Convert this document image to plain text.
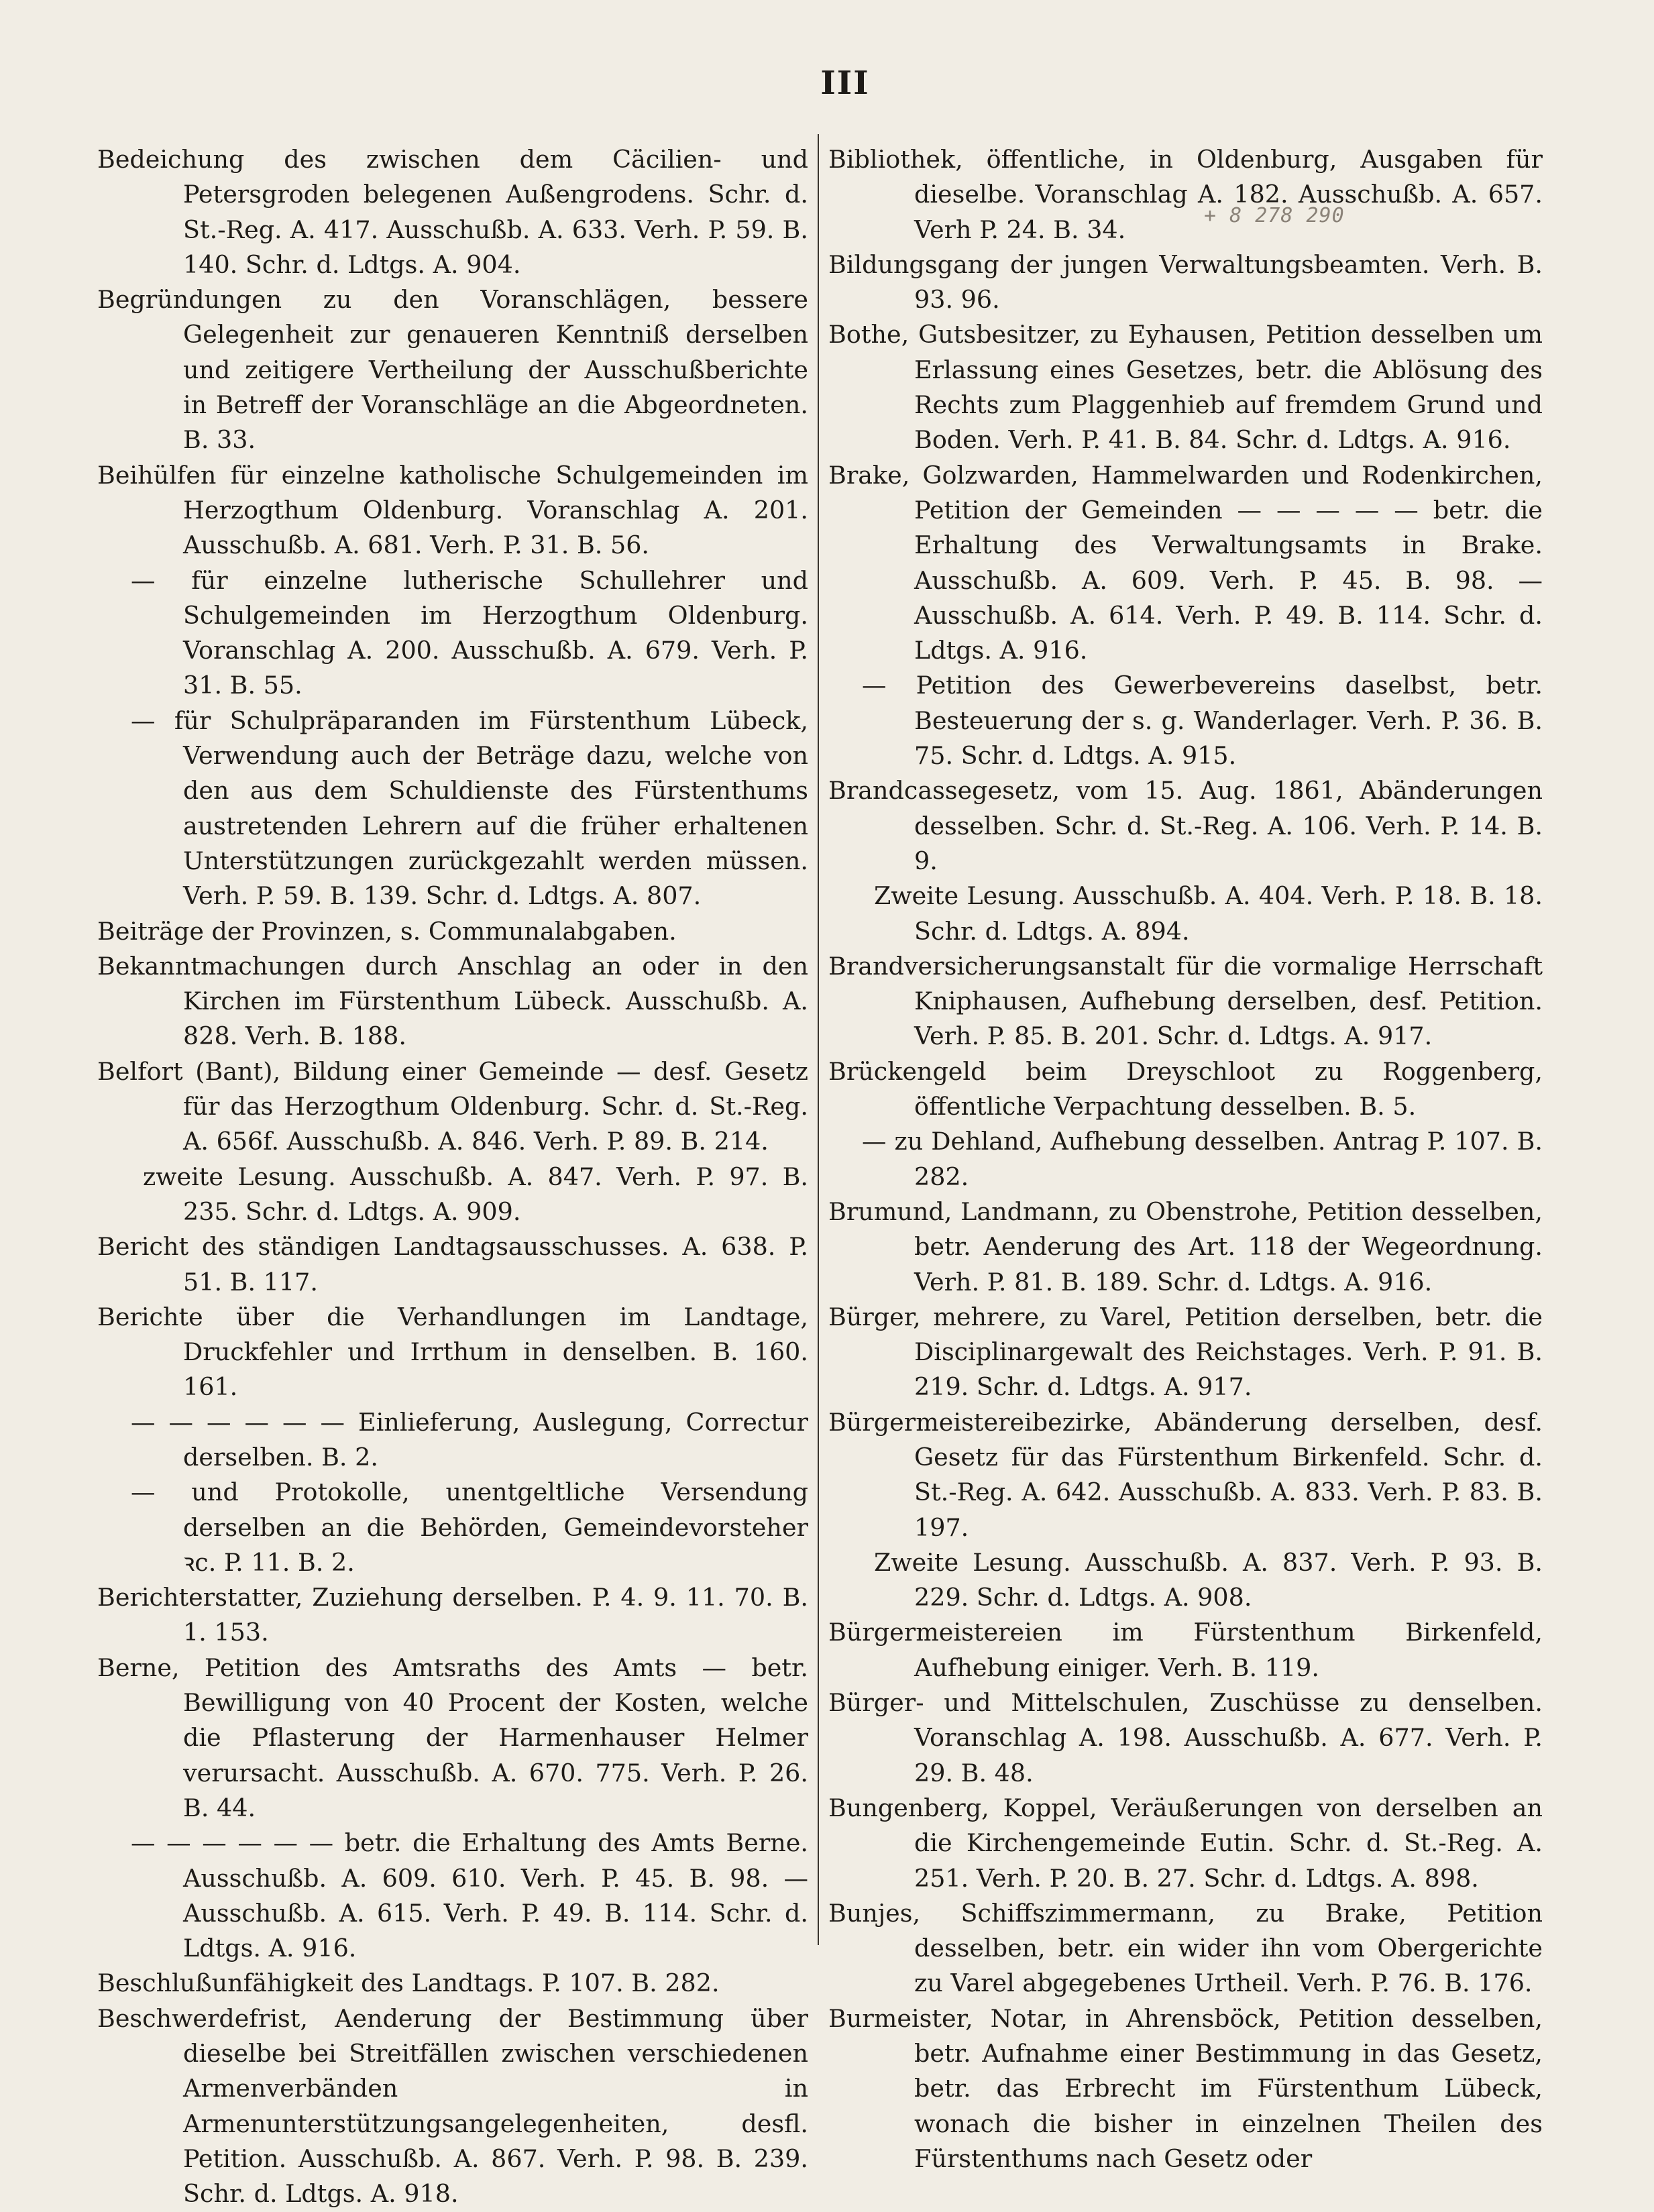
III
+ 8 278 290

Bedeichung des zwischen dem Cäcilien- und Petersgroden belegenen Außengrodens. Schr. d. St.-Reg. A. 417. Ausschußb. A. 633. Verh. P. 59. B. 140. Schr. d. Ldtgs. A. 904.

Begründungen zu den Voranschlägen, bessere Gelegenheit zur genaueren Kenntniß derselben und zeitigere Vertheilung der Ausschußberichte in Betreff der Voranschläge an die Abgeordneten. B. 33.

Beihülfen für einzelne katholische Schulgemeinden im Herzogthum Oldenburg. Voranschlag A. 201. Ausschußb. A. 681. Verh. P. 31. B. 56.

— für einzelne lutherische Schullehrer und Schulgemeinden im Herzogthum Oldenburg. Voranschlag A. 200. Ausschußb. A. 679. Verh. P. 31. B. 55.

— für Schulpräparanden im Fürstenthum Lübeck, Verwendung auch der Beträge dazu, welche von den aus dem Schuldienste des Fürstenthums austretenden Lehrern auf die früher erhaltenen Unterstützungen zurückgezahlt werden müssen. Verh. P. 59. B. 139. Schr. d. Ldtgs. A. 807.

Beiträge der Provinzen, s. Communalabgaben.

Bekanntmachungen durch Anschlag an oder in den Kirchen im Fürstenthum Lübeck. Ausschußb. A. 828. Verh. B. 188.

Belfort (Bant), Bildung einer Gemeinde — desf. Gesetz für das Herzogthum Oldenburg. Schr. d. St.-Reg. A. 656f. Ausschußb. A. 846. Verh. P. 89. B. 214.

zweite Lesung. Ausschußb. A. 847. Verh. P. 97. B. 235. Schr. d. Ldtgs. A. 909.

Bericht des ständigen Landtagsausschusses. A. 638. P. 51. B. 117.

Berichte über die Verhandlungen im Landtage, Druckfehler und Irrthum in denselben. B. 160. 161.

— — — — — — Einlieferung, Auslegung, Correctur derselben. B. 2.

— und Protokolle, unentgeltliche Versendung derselben an die Behörden, Gemeindevorsteher ꝛc. P. 11. B. 2.

Berichterstatter, Zuziehung derselben. P. 4. 9. 11. 70. B. 1. 153.

Berne, Petition des Amtsraths des Amts — betr. Bewilligung von 40 Procent der Kosten, welche die Pflasterung der Harmenhauser Helmer verursacht. Ausschußb. A. 670. 775. Verh. P. 26. B. 44.

— — — — — — betr. die Erhaltung des Amts Berne. Ausschußb. A. 609. 610. Verh. P. 45. B. 98. — Ausschußb. A. 615. Verh. P. 49. B. 114. Schr. d. Ldtgs. A. 916.

Beschlußunfähigkeit des Landtags. P. 107. B. 282.

Beschwerdefrist, Aenderung der Bestimmung über dieselbe bei Streitfällen zwischen verschiedenen Armenverbänden in Armenunterstützungsangelegenheiten, desfl. Petition. Ausschußb. A. 867. Verh. P. 98. B. 239. Schr. d. Ldtgs. A. 918.

Bibliothek, öffentliche, in Oldenburg, Ausgaben für dieselbe. Voranschlag A. 182. Ausschußb. A. 657. Verh P. 24. B. 34.

Bildungsgang der jungen Verwaltungsbeamten. Verh. B. 93. 96.

Bothe, Gutsbesitzer, zu Eyhausen, Petition desselben um Erlassung eines Gesetzes, betr. die Ablösung des Rechts zum Plaggenhieb auf fremdem Grund und Boden. Verh. P. 41. B. 84. Schr. d. Ldtgs. A. 916.

Brake, Golzwarden, Hammelwarden und Rodenkirchen, Petition der Gemeinden — — — — — betr. die Erhaltung des Verwaltungsamts in Brake. Ausschußb. A. 609. Verh. P. 45. B. 98. — Ausschußb. A. 614. Verh. P. 49. B. 114. Schr. d. Ldtgs. A. 916.

— Petition des Gewerbevereins daselbst, betr. Besteuerung der s. g. Wanderlager. Verh. P. 36. B. 75. Schr. d. Ldtgs. A. 915.

Brandcassegesetz, vom 15. Aug. 1861, Abänderungen desselben. Schr. d. St.-Reg. A. 106. Verh. P. 14. B. 9.

Zweite Lesung. Ausschußb. A. 404. Verh. P. 18. B. 18. Schr. d. Ldtgs. A. 894.

Brandversicherungsanstalt für die vormalige Herrschaft Kniphausen, Aufhebung derselben, desf. Petition. Verh. P. 85. B. 201. Schr. d. Ldtgs. A. 917.

Brückengeld beim Dreyschloot zu Roggenberg, öffentliche Verpachtung desselben. B. 5.

— zu Dehland, Aufhebung desselben. Antrag P. 107. B. 282.

Brumund, Landmann, zu Obenstrohe, Petition desselben, betr. Aenderung des Art. 118 der Wegeordnung. Verh. P. 81. B. 189. Schr. d. Ldtgs. A. 916.

Bürger, mehrere, zu Varel, Petition derselben, betr. die Disciplinargewalt des Reichstages. Verh. P. 91. B. 219. Schr. d. Ldtgs. A. 917.

Bürgermeistereibezirke, Abänderung derselben, desf. Gesetz für das Fürstenthum Birkenfeld. Schr. d. St.-Reg. A. 642. Ausschußb. A. 833. Verh. P. 83. B. 197.

Zweite Lesung. Ausschußb. A. 837. Verh. P. 93. B. 229. Schr. d. Ldtgs. A. 908.

Bürgermeistereien im Fürstenthum Birkenfeld, Aufhebung einiger. Verh. B. 119.

Bürger- und Mittelschulen, Zuschüsse zu denselben. Voranschlag A. 198. Ausschußb. A. 677. Verh. P. 29. B. 48.

Bungenberg, Koppel, Veräußerungen von derselben an die Kirchengemeinde Eutin. Schr. d. St.-Reg. A. 251. Verh. P. 20. B. 27. Schr. d. Ldtgs. A. 898.

Bunjes, Schiffszimmermann, zu Brake, Petition desselben, betr. ein wider ihn vom Obergerichte zu Varel abgegebenes Urtheil. Verh. P. 76. B. 176.

Burmeister, Notar, in Ahrensböck, Petition desselben, betr. Aufnahme einer Bestimmung in das Gesetz, betr. das Erbrecht im Fürstenthum Lübeck, wonach die bisher in einzelnen Theilen des Fürstenthums nach Gesetz oder
